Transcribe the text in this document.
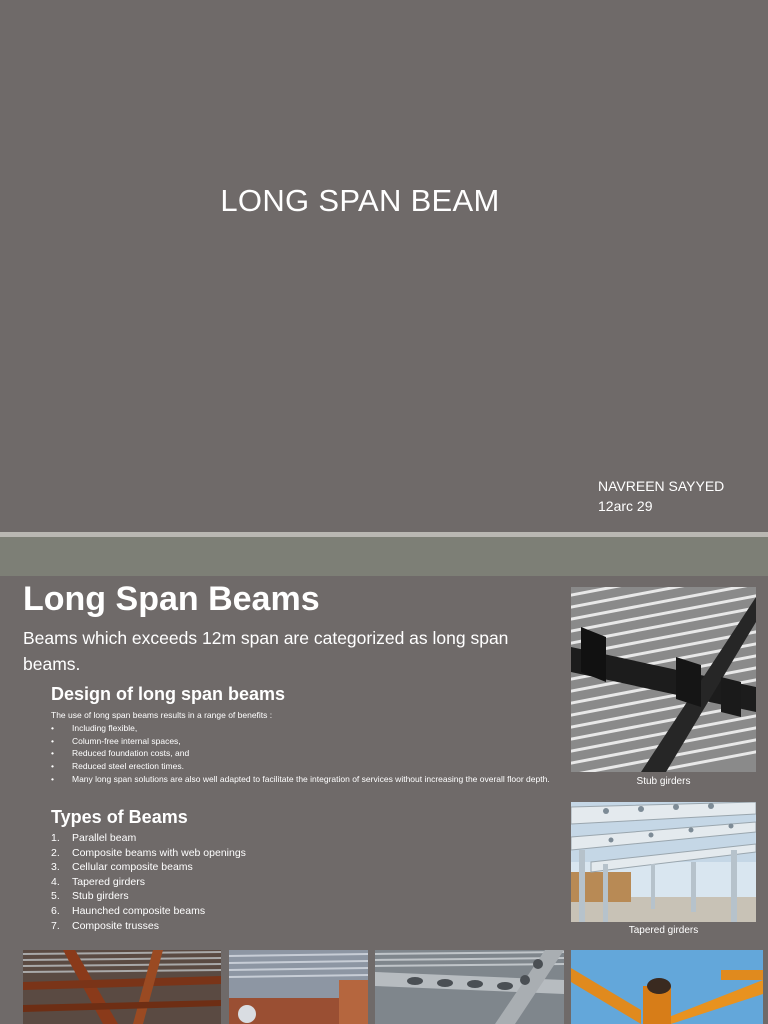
LONG SPAN BEAM
NAVREEN SAYYED
12arc 29
Long Span Beams
Beams which exceeds 12m span are categorized as long span beams.
Design of long span beams
The use of long span beams results in a range of benefits :
• Including flexible,
• Column-free internal spaces,
• Reduced foundation costs, and
• Reduced steel erection times.
• Many long span solutions are also well adapted to facilitate the integration of services without increasing the overall floor depth.
Types of Beams
1. Parallel beam
2. Composite beams with web openings
3. Cellular composite beams
4. Tapered girders
5. Stub girders
6. Haunched composite beams
7. Composite trusses
Stub girders
Tapered girders
